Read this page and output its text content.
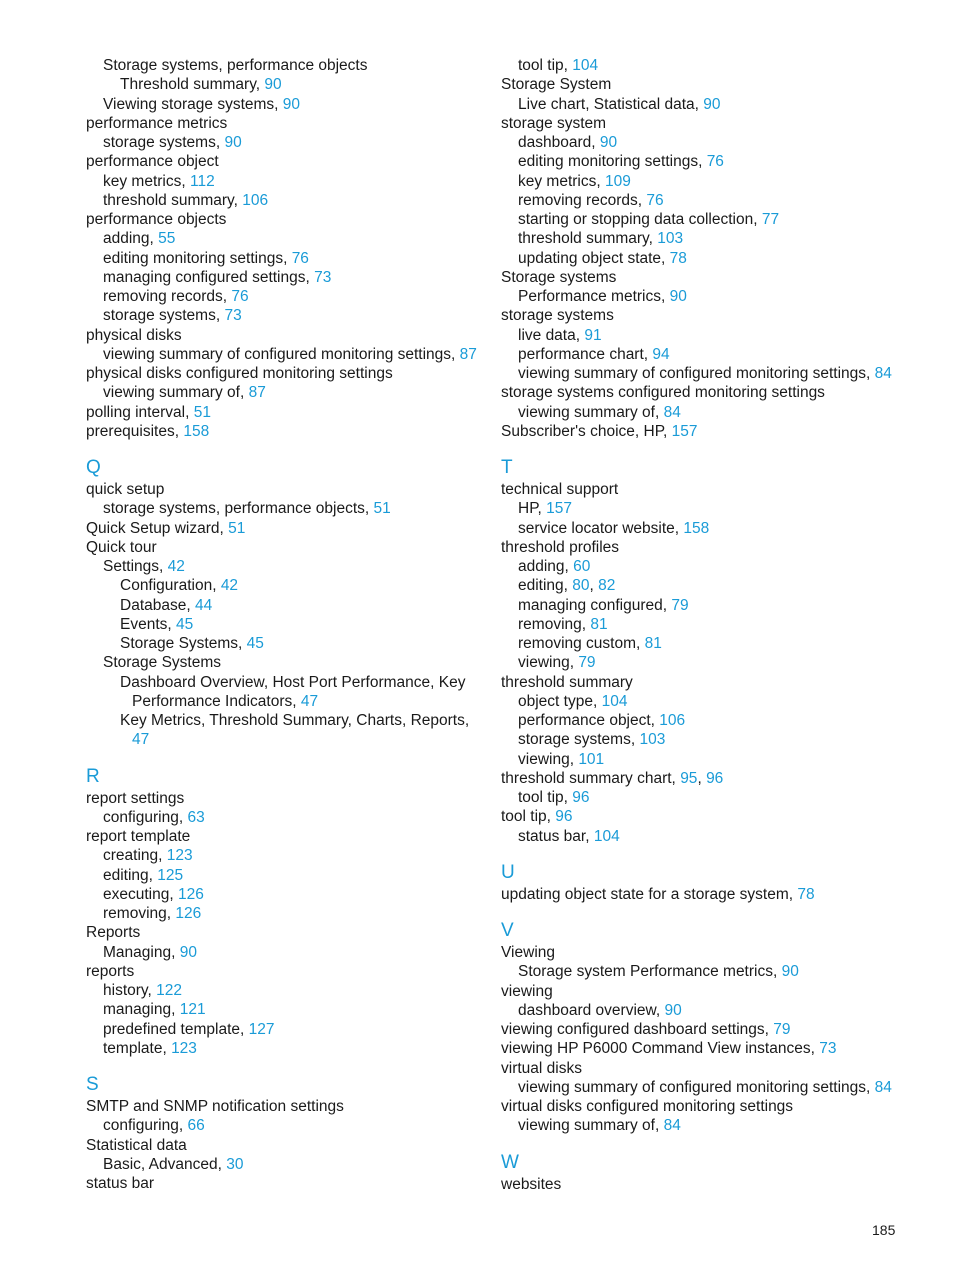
Storage systems, performance objects
Threshold summary, 90
Viewing storage systems, 90
performance metrics
storage systems, 90
performance object
key metrics, 112
threshold summary, 106
performance objects
adding, 55
editing monitoring settings, 76
managing configured settings, 73
removing records, 76
storage systems, 73
physical disks
viewing summary of configured monitoring settings, 87
physical disks configured monitoring settings
viewing summary of, 87
polling interval, 51
prerequisites, 158
Q
quick setup
storage systems, performance objects, 51
Quick Setup wizard, 51
Quick tour
Settings, 42
Configuration, 42
Database, 44
Events, 45
Storage Systems, 45
Storage Systems
Dashboard Overview, Host Port Performance, Key
Performance Indicators, 47
Key Metrics, Threshold Summary, Charts, Reports,
47
R
report settings
configuring, 63
report template
creating, 123
editing, 125
executing, 126
removing, 126
Reports
Managing, 90
reports
history, 122
managing, 121
predefined template, 127
template, 123
S
SMTP and SNMP notification settings
configuring, 66
Statistical data
Basic, Advanced, 30
status bar
tool tip, 104
Storage System
Live chart, Statistical data, 90
storage system
dashboard, 90
editing monitoring settings, 76
key metrics, 109
removing records, 76
starting or stopping data collection, 77
threshold summary, 103
updating object state, 78
Storage systems
Performance metrics, 90
storage systems
live data, 91
performance chart, 94
viewing summary of configured monitoring settings, 84
storage systems configured monitoring settings
viewing summary of, 84
Subscriber's choice, HP, 157
T
technical support
HP, 157
service locator website, 158
threshold profiles
adding, 60
editing, 80, 82
managing configured, 79
removing, 81
removing custom, 81
viewing, 79
threshold summary
object type, 104
performance object, 106
storage systems, 103
viewing, 101
threshold summary chart, 95, 96
tool tip, 96
tool tip, 96
status bar, 104
U
updating object state for a storage system, 78
V
Viewing
Storage system Performance metrics, 90
viewing
dashboard overview, 90
viewing configured dashboard settings, 79
viewing HP P6000 Command View instances, 73
virtual disks
viewing summary of configured monitoring settings, 84
virtual disks configured monitoring settings
viewing summary of, 84
W
websites
185
